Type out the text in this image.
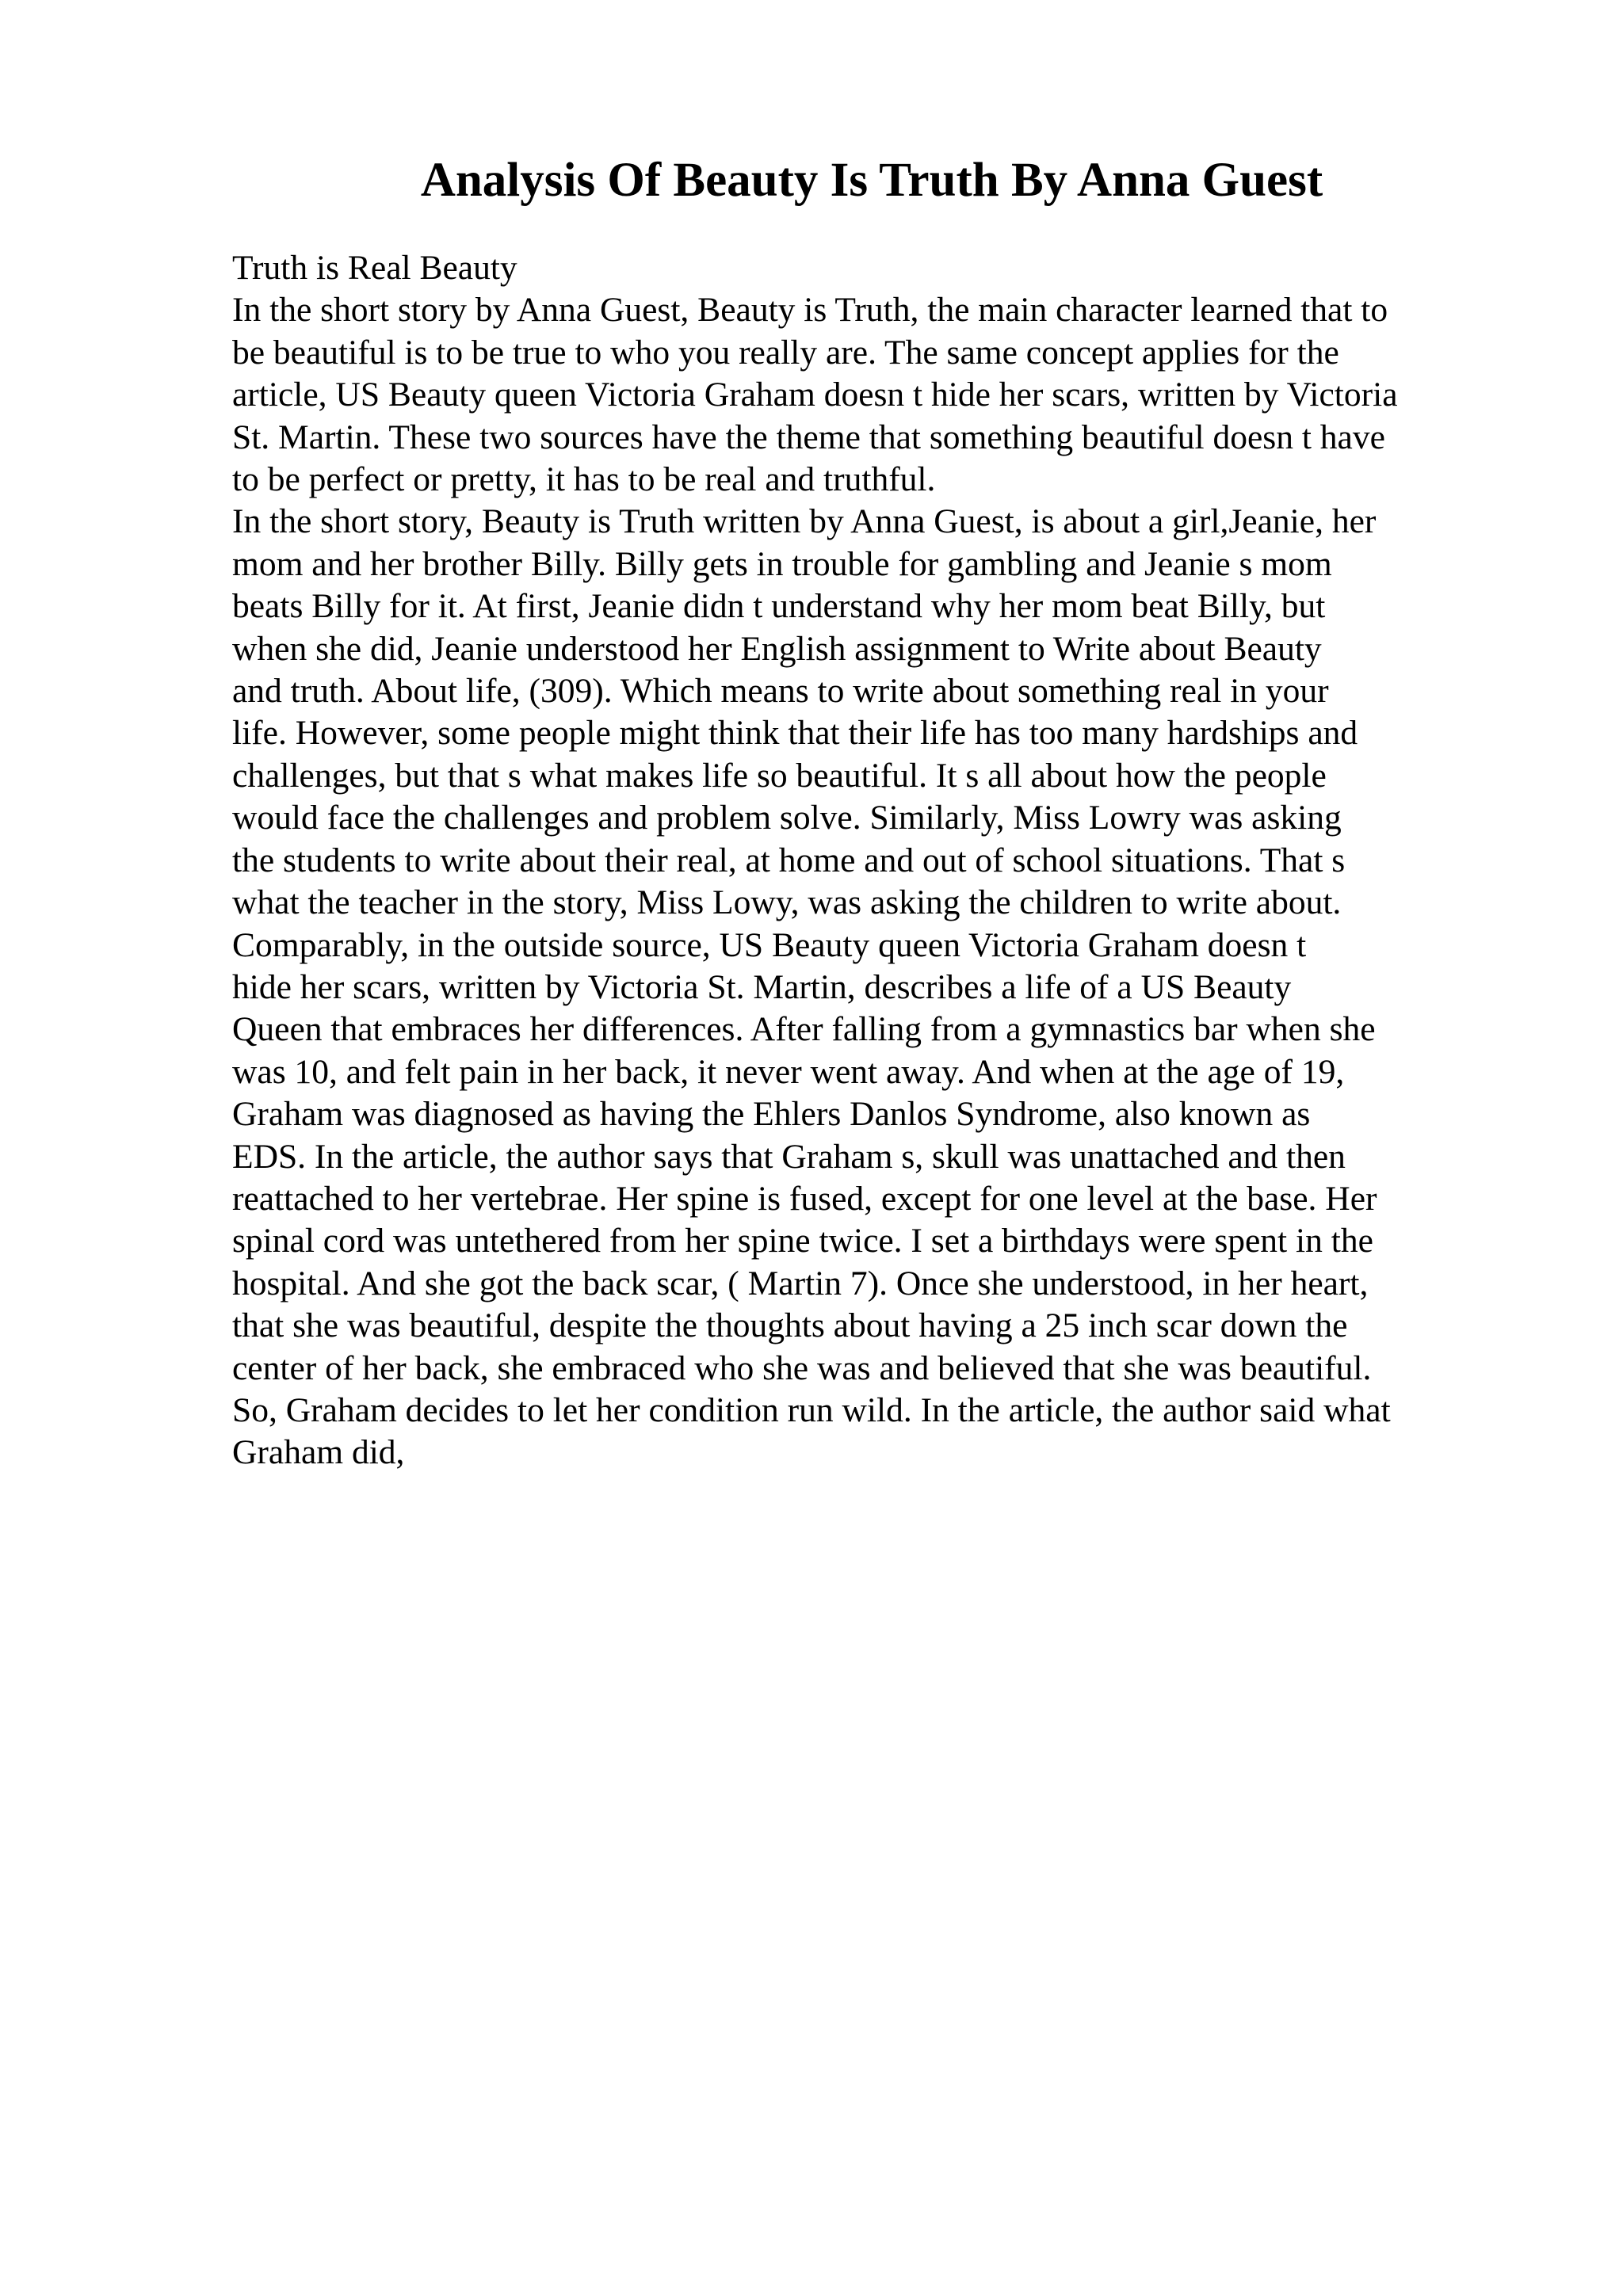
Analysis Of Beauty Is Truth By Anna Guest
Truth is Real Beauty
In the short story by Anna Guest, Beauty is Truth, the main character learned that to
be beautiful is to be true to who you really are. The same concept applies for the
article, US Beauty queen Victoria Graham doesn t hide her scars, written by Victoria
St. Martin. These two sources have the theme that something beautiful doesn t have
to be perfect or pretty, it has to be real and truthful.
In the short story, Beauty is Truth written by Anna Guest, is about a girl,Jeanie, her
mom and her brother Billy. Billy gets in trouble for gambling and Jeanie s mom
beats Billy for it. At first, Jeanie didn t understand why her mom beat Billy, but
when she did, Jeanie understood her English assignment to Write about Beauty
and truth. About life, (309). Which means to write about something real in your
life. However, some people might think that their life has too many hardships and
challenges, but that s what makes life so beautiful. It s all about how the people
would face the challenges and problem solve. Similarly, Miss Lowry was asking
the students to write about their real, at home and out of school situations. That s
what the teacher in the story, Miss Lowy, was asking the children to write about.
Comparably, in the outside source, US Beauty queen Victoria Graham doesn t
hide her scars, written by Victoria St. Martin, describes a life of a US Beauty
Queen that embraces her differences. After falling from a gymnastics bar when she
was 10, and felt pain in her back, it never went away. And when at the age of 19,
Graham was diagnosed as having the Ehlers Danlos Syndrome, also known as
EDS. In the article, the author says that Graham s, skull was unattached and then
reattached to her vertebrae. Her spine is fused, except for one level at the base. Her
spinal cord was untethered from her spine twice. I set a birthdays were spent in the
hospital. And she got the back scar, ( Martin 7). Once she understood, in her heart,
that she was beautiful, despite the thoughts about having a 25 inch scar down the
center of her back, she embraced who she was and believed that she was beautiful.
So, Graham decides to let her condition run wild. In the article, the author said what
Graham did,
